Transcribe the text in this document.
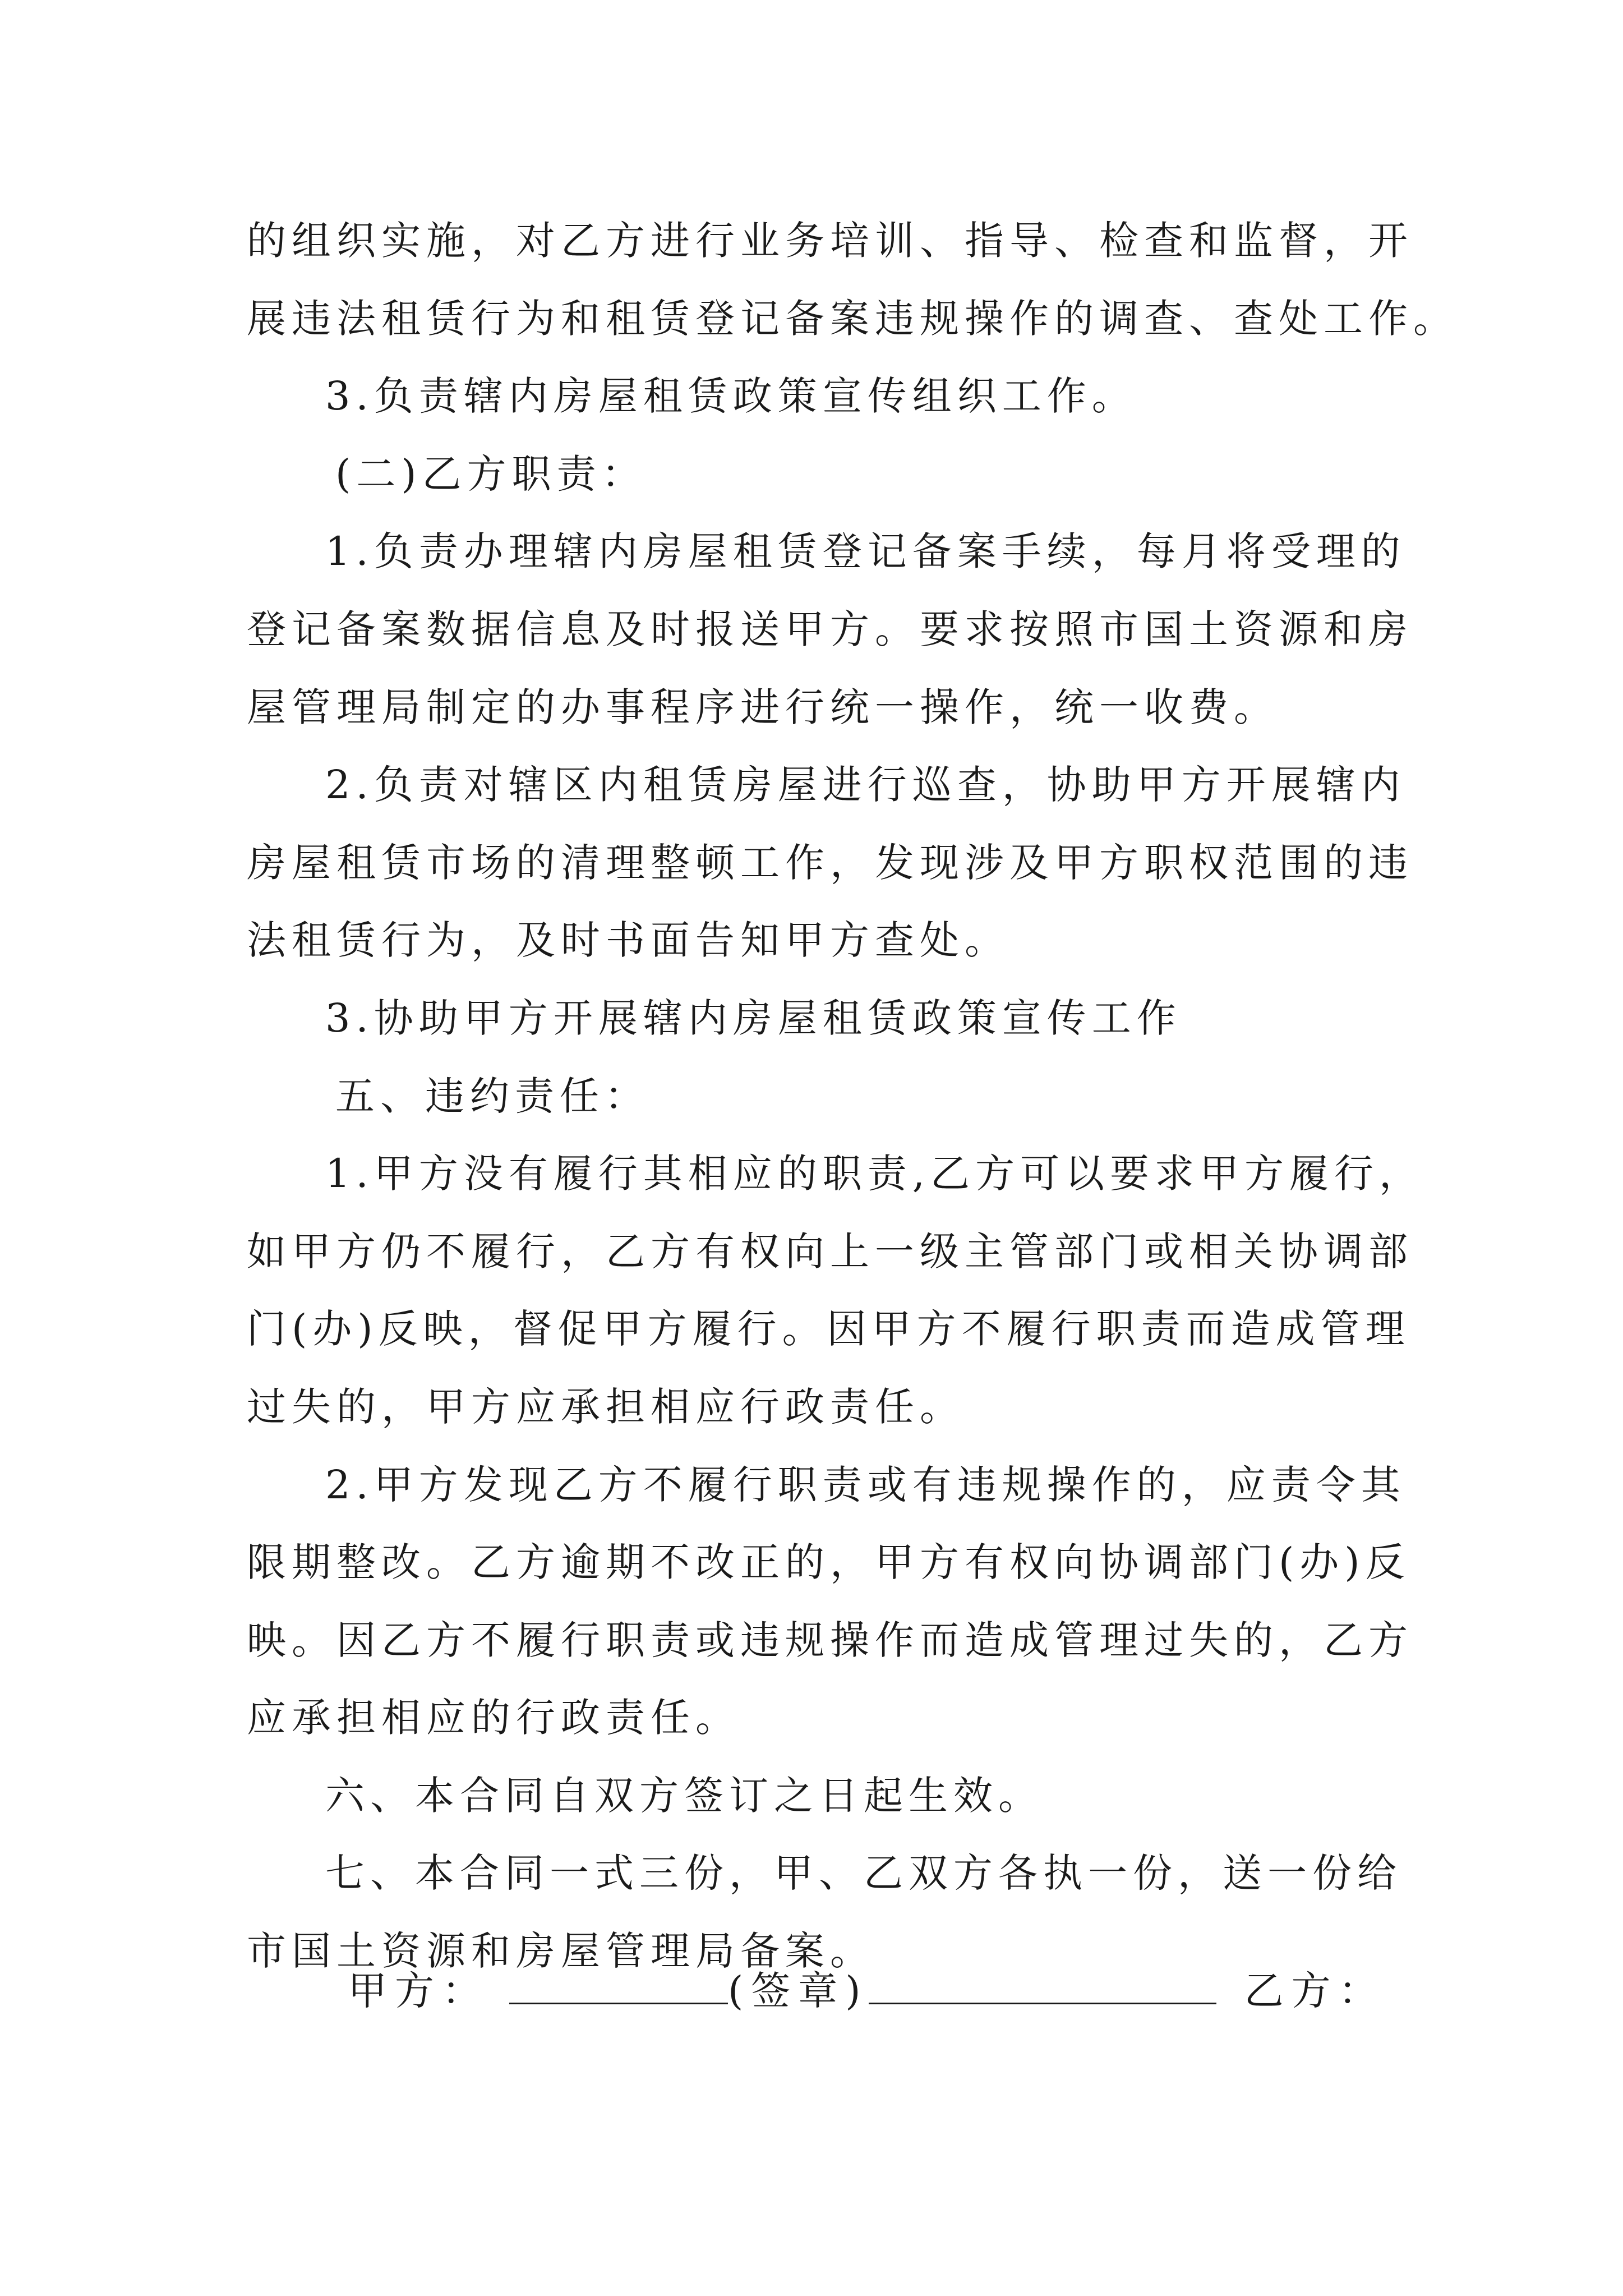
的组织实施，对乙方进行业务培训、指导、检查和监督，开
展违法租赁行为和租赁登记备案违规操作的调查、查处工作。
3.负责辖内房屋租赁政策宣传组织工作。
(二)乙方职责：
1.负责办理辖内房屋租赁登记备案手续，每月将受理的
登记备案数据信息及时报送甲方。要求按照市国土资源和房
屋管理局制定的办事程序进行统一操作，统一收费。
2.负责对辖区内租赁房屋进行巡查，协助甲方开展辖内
房屋租赁市场的清理整顿工作，发现涉及甲方职权范围的违
法租赁行为，及时书面告知甲方查处。
3.协助甲方开展辖内房屋租赁政策宣传工作
五、违约责任：
1.甲方没有履行其相应的职责,乙方可以要求甲方履行，
如甲方仍不履行，乙方有权向上一级主管部门或相关协调部
门(办)反映，督促甲方履行。因甲方不履行职责而造成管理
过失的，甲方应承担相应行政责任。
2.甲方发现乙方不履行职责或有违规操作的，应责令其
限期整改。乙方逾期不改正的，甲方有权向协调部门(办)反
映。因乙方不履行职责或违规操作而造成管理过失的，乙方
应承担相应的行政责任。
六、本合同自双方签订之日起生效。
七、本合同一式三份，甲、乙双方各执一份，送一份给
市国土资源和房屋管理局备案。
甲方：	(签章)	乙方：
